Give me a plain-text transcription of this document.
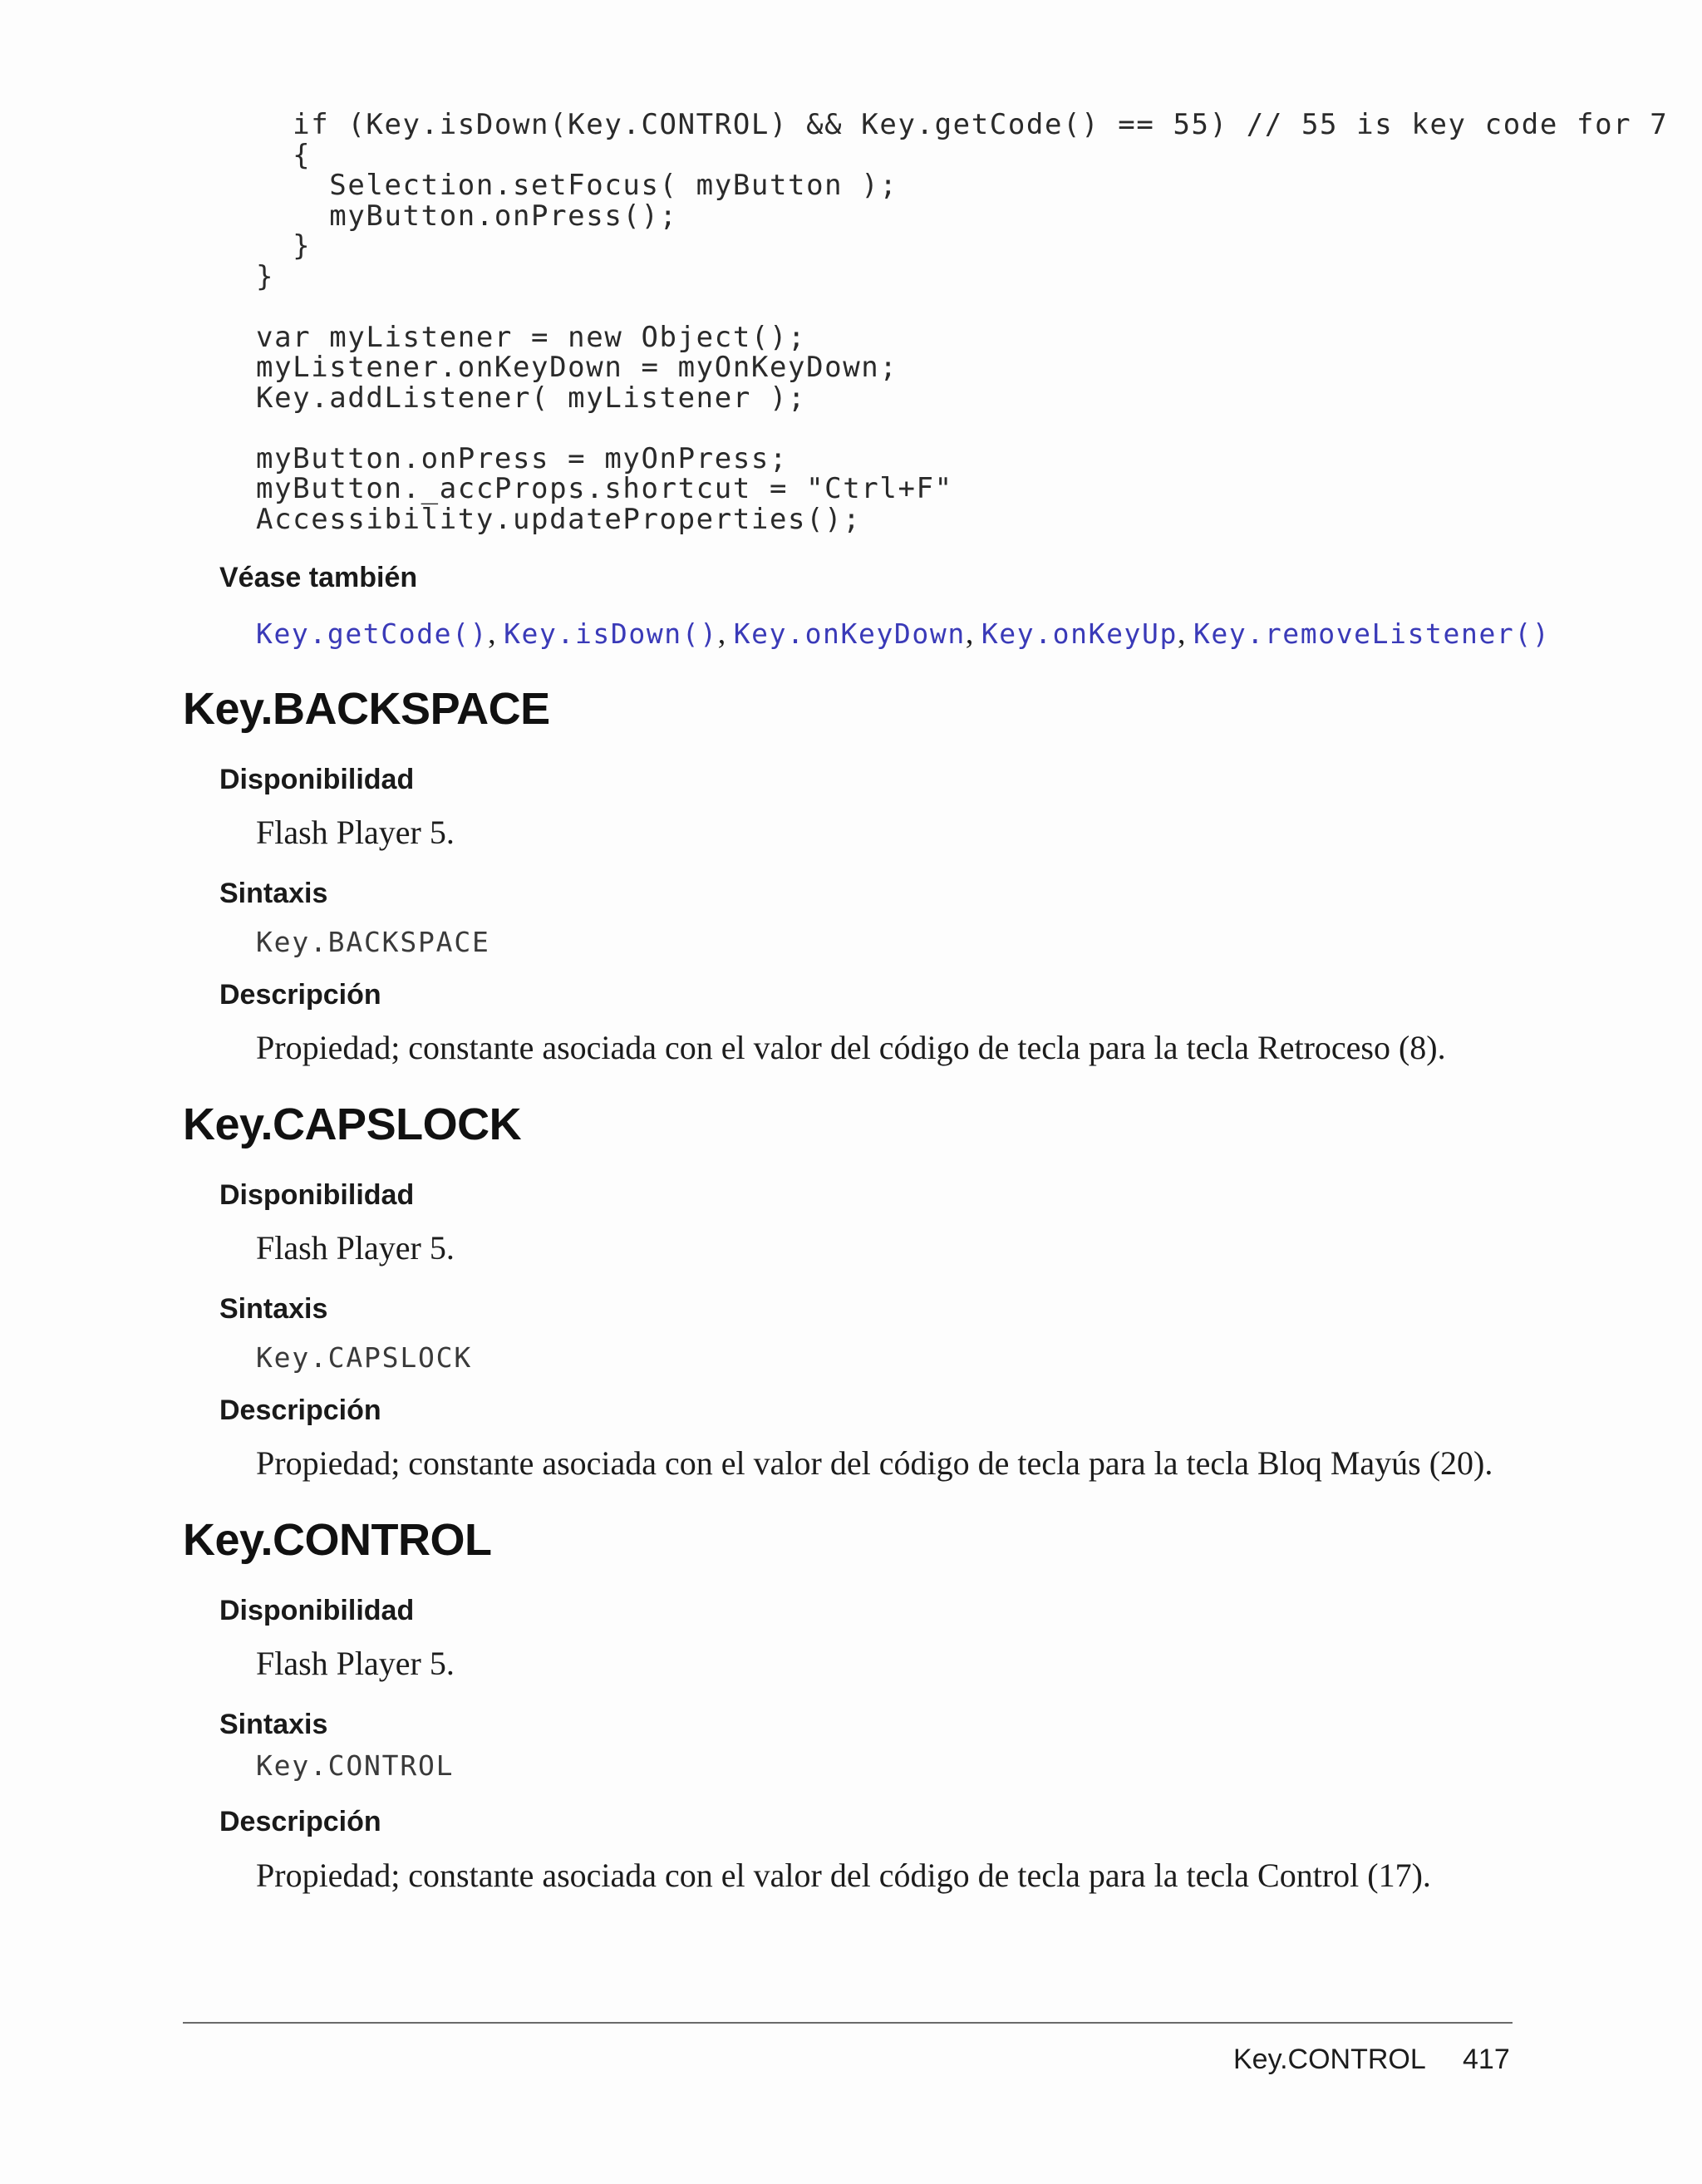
if (Key.isDown(Key.CONTROL) && Key.getCode() == 55) // 55 is key code for 7
{
Selection.setFocus( myButton );
myButton.onPress();
}
}
var myListener = new Object();
myListener.onKeyDown = myOnKeyDown;
Key.addListener( myListener );
myButton.onPress = myOnPress;
myButton._accProps.shortcut = "Ctrl+F"
Accessibility.updateProperties();
Véase también

Key.getCode(), Key.isDown(), Key.onKeyDown, Key.onKeyUp, Key.removeListener()

Key.BACKSPACE
Disponibilidad

Flash Player 5.

Sintaxis

Key.BACKSPACE

Descripción

Propiedad; constante asociada con el valor del código de tecla para la tecla Retroceso (8).

Key.CAPSLOCK
Disponibilidad

Flash Player 5.

Sintaxis

Key.CAPSLOCK

Descripción

Propiedad; constante asociada con el valor del código de tecla para la tecla Bloq Mayús (20).

Key.CONTROL
Disponibilidad

Flash Player 5.

Sintaxis

Key.CONTROL

Descripción

Propiedad; constante asociada con el valor del código de tecla para la tecla Control (17).

Key.CONTROL 417
